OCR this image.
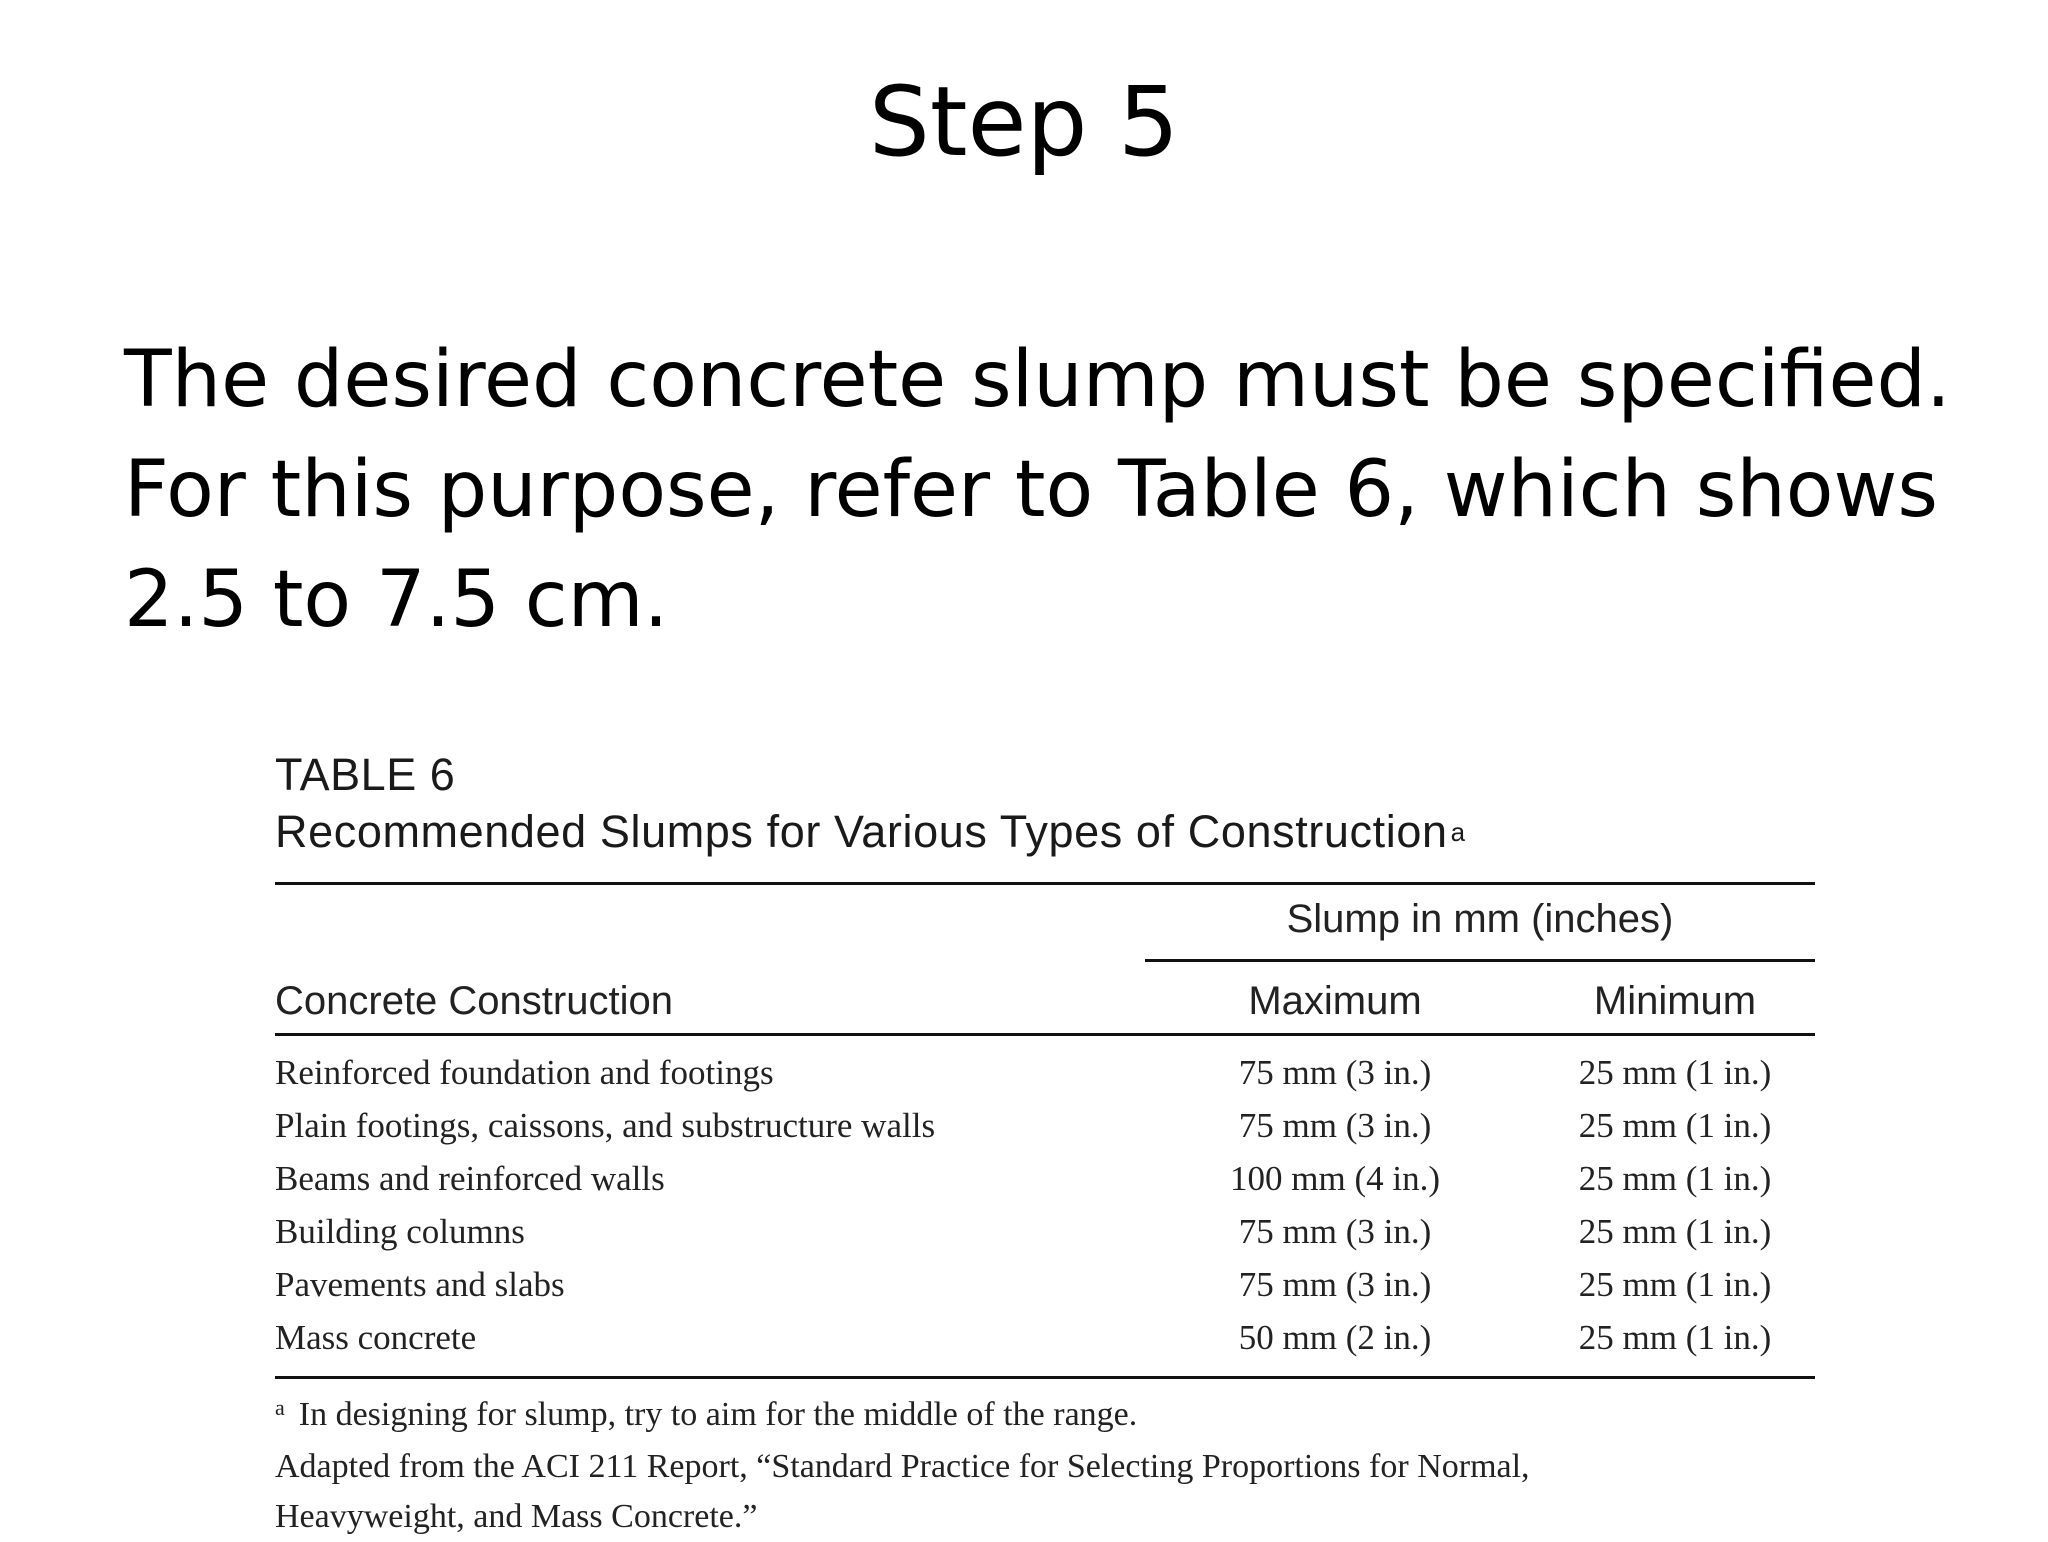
Step 5
The desired concrete slump must be specified.
For this purpose, refer to Table 6, which shows
2.5 to 7.5 cm.
TABLE 6
Recommended Slumps for Various Types of Construction $^a$
Slump in mm (inches)
Concrete Construction	Maximum	Minimum
Reinforced foundation and footings	75 mm (3 in.)	25 mm (1 in.)
Plain footings, caissons, and substructure walls	75 mm (3 in.)	25 mm (1 in.)
Beams and reinforced walls	100 mm (4 in.)	25 mm (1 in.)
Building columns	75 mm (3 in.)	25 mm (1 in.)
Pavements and slabs	75 mm (3 in.)	25 mm (1 in.)
Mass concrete	50 mm (2 in.)	25 mm (1 in.)
$^a$ In designing for slump, try to aim for the middle of the range.
Adapted from the ACI 211 Report, “Standard Practice for Selecting Proportions for Normal,
Heavyweight, and Mass Concrete.”
